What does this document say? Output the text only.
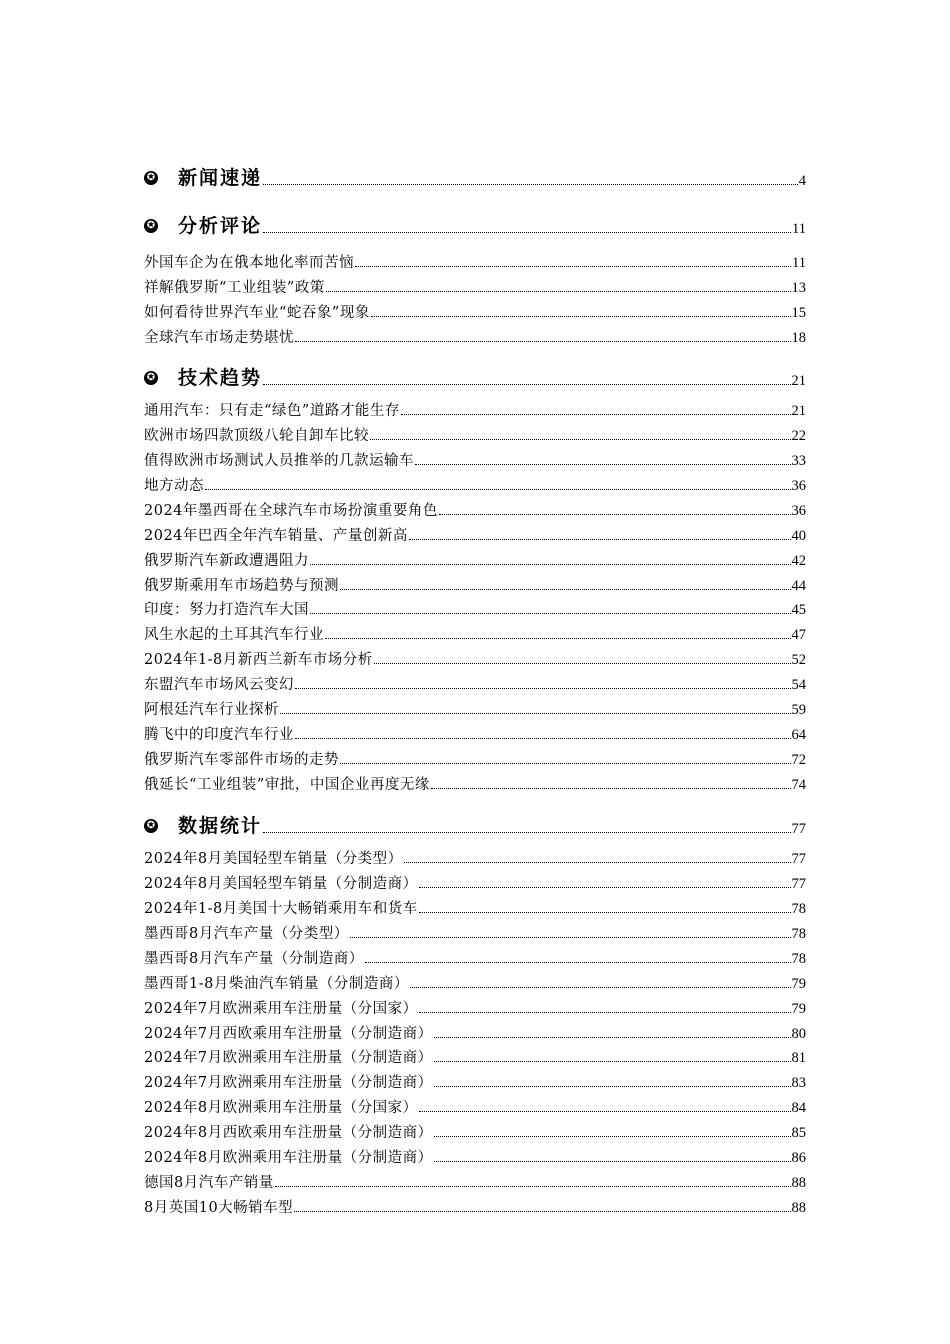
✪ 新闻速递	4
✪ 分析评论	11
外国车企为在俄本地化率而苦恼	11
祥解俄罗斯“工业组装”政策	13
如何看待世界汽车业“蛇吞象”现象	15
全球汽车市场走势堪忧	18
✪ 技术趋势	21
通用汽车：只有走“绿色”道路才能生存	21
欧洲市场四款顶级八轮自卸车比较	22
值得欧洲市场测试人员推举的几款运输车	33
地方动态	36
2024年墨西哥在全球汽车市场扮演重要角色	36
2024年巴西全年汽车销量、产量创新高	40
俄罗斯汽车新政遭遇阻力	42
俄罗斯乘用车市场趋势与预测	44
印度：努力打造汽车大国	45
风生水起的土耳其汽车行业	47
2024年1-8月新西兰新车市场分析	52
东盟汽车市场风云变幻	54
阿根廷汽车行业探析	59
腾飞中的印度汽车行业	64
俄罗斯汽车零部件市场的走势	72
俄延长“工业组装”审批，中国企业再度无缘	74
✪ 数据统计	77
2024年8月美国轻型车销量（分类型）	77
2024年8月美国轻型车销量（分制造商）	77
2024年1-8月美国十大畅销乘用车和货车	78
墨西哥8月汽车产量（分类型）	78
墨西哥8月汽车产量（分制造商）	78
墨西哥1-8月柴油汽车销量（分制造商）	79
2024年7月欧洲乘用车注册量（分国家）	79
2024年7月西欧乘用车注册量（分制造商）	80
2024年7月欧洲乘用车注册量（分制造商）	81
2024年7月欧洲乘用车注册量（分制造商）	83
2024年8月欧洲乘用车注册量（分国家）	84
2024年8月西欧乘用车注册量（分制造商）	85
2024年8月欧洲乘用车注册量（分制造商）	86
德国8月汽车产销量	88
8月英国10大畅销车型	88
